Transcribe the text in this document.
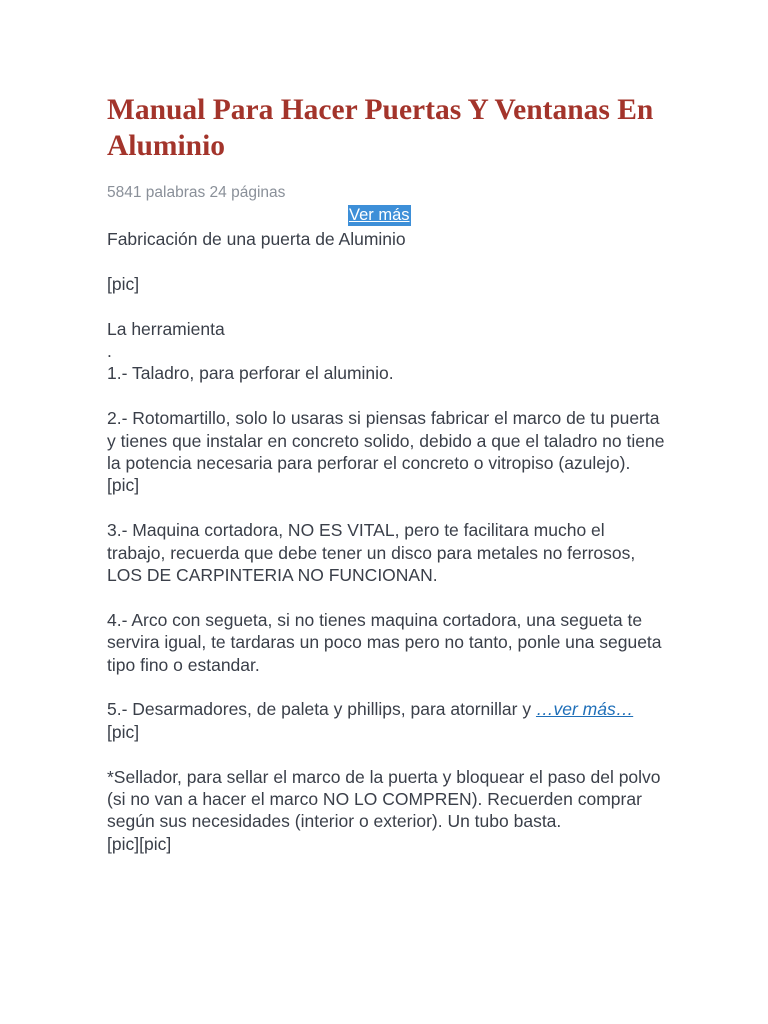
Manual Para Hacer Puertas Y Ventanas En Aluminio
5841 palabras 24 páginas
Ver más

Fabricación de una puerta de Aluminio

[pic]

La herramienta

.

1.- Taladro, para perforar el aluminio.

2.- Rotomartillo, solo lo usaras si piensas fabricar el marco de tu puerta y tienes que instalar en concreto solido, debido a que el taladro no tiene la potencia necesaria para perforar el concreto o vitropiso (azulejo).

[pic]

3.- Maquina cortadora, NO ES VITAL, pero te facilitara mucho el trabajo, recuerda que debe tener un disco para metales no ferrosos, LOS DE CARPINTERIA NO FUNCIONAN.

4.- Arco con segueta, si no tienes maquina cortadora, una segueta te servira igual, te tardaras un poco mas pero no tanto, ponle una segueta tipo fino o estandar.

5.- Desarmadores, de paleta y phillips, para atornillar y …ver más…

[pic]

*Sellador, para sellar el marco de la puerta y bloquear el paso del polvo (si no van a hacer el marco NO LO COMPREN). Recuerden comprar según sus necesidades (interior o exterior). Un tubo basta.

[pic][pic]
